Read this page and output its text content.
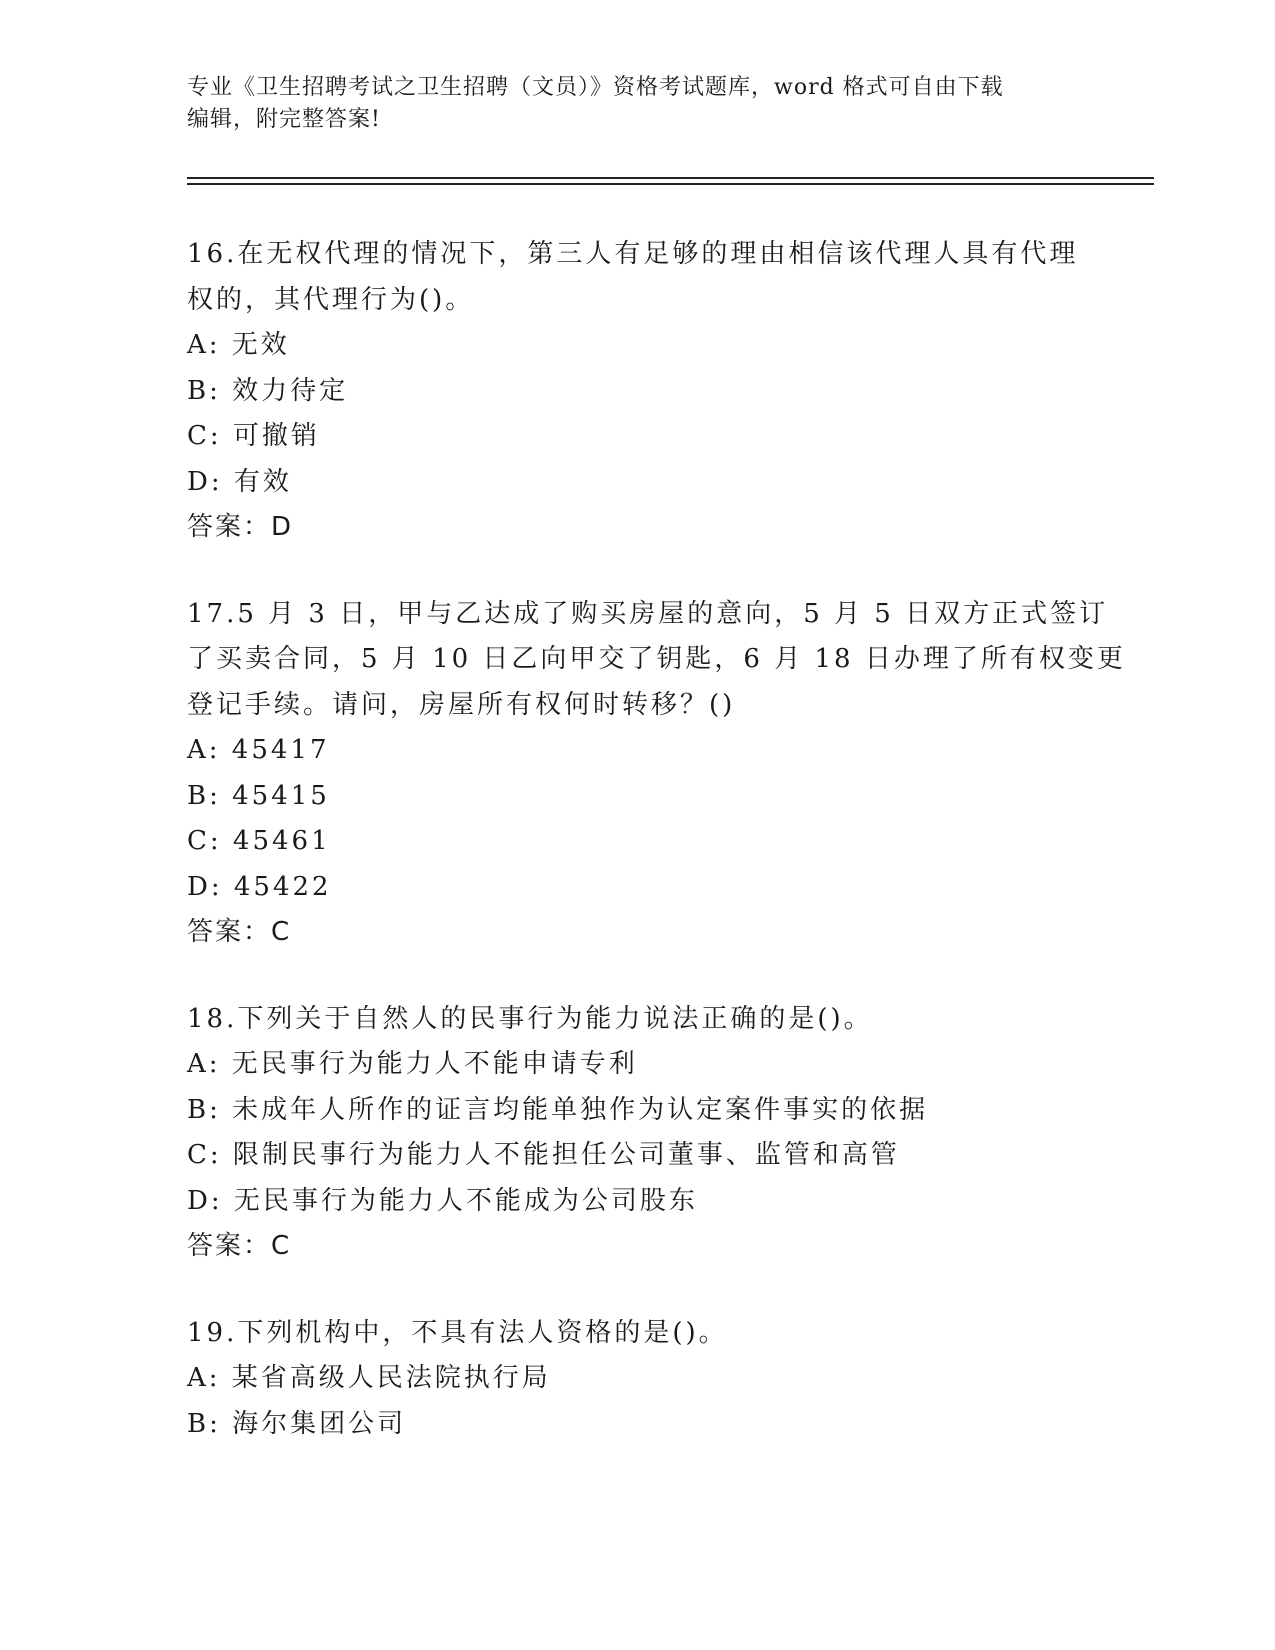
专业《卫生招聘考试之卫生招聘（文员）》资格考试题库，word 格式可自由下载
编辑，附完整答案!
16.在无权代理的情况下，第三人有足够的理由相信该代理人具有代理
权的，其代理行为()。
A: 无效
B: 效力待定
C: 可撤销
D: 有效
答案：D
17.5 月 3 日，甲与乙达成了购买房屋的意向，5 月 5 日双方正式签订
了买卖合同，5 月 10 日乙向甲交了钥匙，6 月 18 日办理了所有权变更
登记手续。请问，房屋所有权何时转移？()
A: 45417
B: 45415
C: 45461
D: 45422
答案：C
18.下列关于自然人的民事行为能力说法正确的是()。
A: 无民事行为能力人不能申请专利
B: 未成年人所作的证言均能单独作为认定案件事实的依据
C: 限制民事行为能力人不能担任公司董事、监管和高管
D: 无民事行为能力人不能成为公司股东
答案：C
19.下列机构中，不具有法人资格的是()。
A: 某省高级人民法院执行局
B: 海尔集团公司
